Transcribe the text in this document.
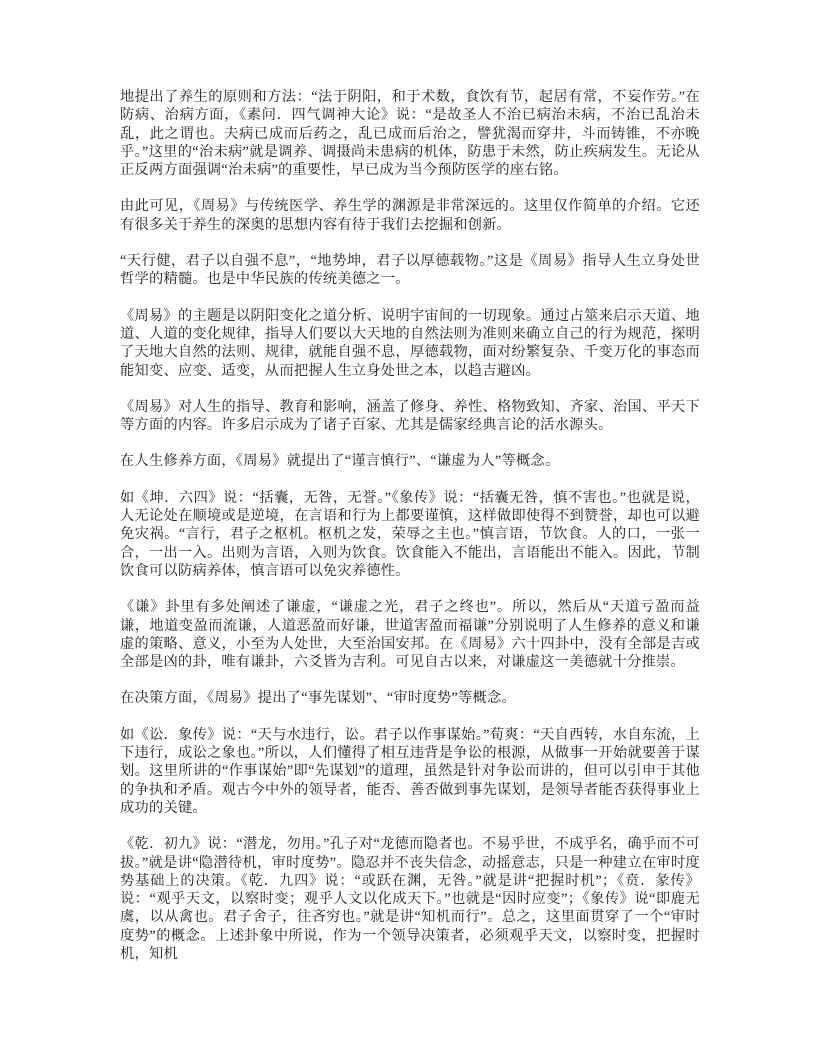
地提出了养生的原则和方法：“法于阴阳，和于术数，食饮有节，起居有常，不妄作劳。”在防病、治病方面，《素问．四气调神大论》说：“是故圣人不治已病治未病，不治已乱治未乱，此之谓也。夫病已成而后药之，乱已成而后治之，譬犹渴而穿井，斗而铸锥，不亦晚乎。”这里的“治未病”就是调养、调摄尚未患病的机体，防患于未然，防止疾病发生。无论从正反两方面强调“治未病”的重要性，早已成为当今预防医学的座右铭。

由此可见，《周易》与传统医学、养生学的渊源是非常深远的。这里仅作简单的介绍。它还有很多关于养生的深奥的思想内容有待于我们去挖掘和创新。

“天行健，君子以自强不息”，“地势坤，君子以厚德载物。”这是《周易》指导人生立身处世哲学的精髓。也是中华民族的传统美德之一。

《周易》的主题是以阴阳变化之道分析、说明宇宙间的一切现象。通过占筮来启示天道、地道、人道的变化规律，指导人们要以大天地的自然法则为准则来确立自己的行为规范，探明了天地大自然的法则、规律，就能自强不息，厚德载物，面对纷繁复杂、千变万化的事态而能知变、应变、适变，从而把握人生立身处世之本，以趋吉避凶。

《周易》对人生的指导、教育和影响，涵盖了修身、养性、格物致知、齐家、治国、平天下等方面的内容。许多启示成为了诸子百家、尤其是儒家经典言论的活水源头。

在人生修养方面，《周易》就提出了“谨言慎行”、“谦虚为人”等概念。

如《坤．六四》说：“括囊，无咎，无誉。”《象传》说：“括囊无咎，慎不害也。”也就是说，人无论处在顺境或是逆境，在言语和行为上都要谨慎，这样做即使得不到赞誉，却也可以避免灾祸。“言行，君子之枢机。枢机之发，荣辱之主也。”慎言语，节饮食。人的口，一张一合，一出一入。出则为言语，入则为饮食。饮食能入不能出，言语能出不能入。因此，节制饮食可以防病养体，慎言语可以免灾养德性。

《谦》卦里有多处阐述了谦虚，“谦虚之光，君子之终也”。所以，然后从“天道亏盈而益谦，地道变盈而流谦，人道恶盈而好谦，世道害盈而福谦”分别说明了人生修养的意义和谦虚的策略、意义，小至为人处世，大至治国安邦。在《周易》六十四卦中，没有全部是吉或全部是凶的卦，唯有谦卦，六爻皆为吉利。可见自古以来，对谦虚这一美德就十分推崇。

在决策方面，《周易》提出了“事先谋划”、“审时度势”等概念。

如《讼．象传》说：“天与水违行，讼。君子以作事谋始。”荀爽：“天自西转，水自东流，上下违行，成讼之象也。”所以，人们懂得了相互违背是争讼的根源，从做事一开始就要善于谋划。这里所讲的“作事谋始”即“先谋划”的道理，虽然是针对争讼而讲的，但可以引申于其他的争执和矛盾。观古今中外的领导者，能否、善否做到事先谋划，是领导者能否获得事业上成功的关键。

《乾．初九》说：“潜龙，勿用。”孔子对“龙德而隐者也。不易乎世，不成乎名，确乎而不可拔。”就是讲“隐潜待机，审时度势”。隐忍并不丧失信念，动摇意志，只是一种建立在审时度势基础上的决策。《乾．九四》说：“或跃在渊，无咎。”就是讲“把握时机”；《贲．彖传》说：“观乎天文，以察时变；观乎人文以化成天下。”也就是“因时应变”；《象传》说“即鹿无虞，以从禽也。君子舍子，往吝穷也。”就是讲“知机而行”。总之，这里面贯穿了一个“审时度势”的概念。上述卦象中所说，作为一个领导决策者，必须观乎天文，以察时变，把握时机，知机
